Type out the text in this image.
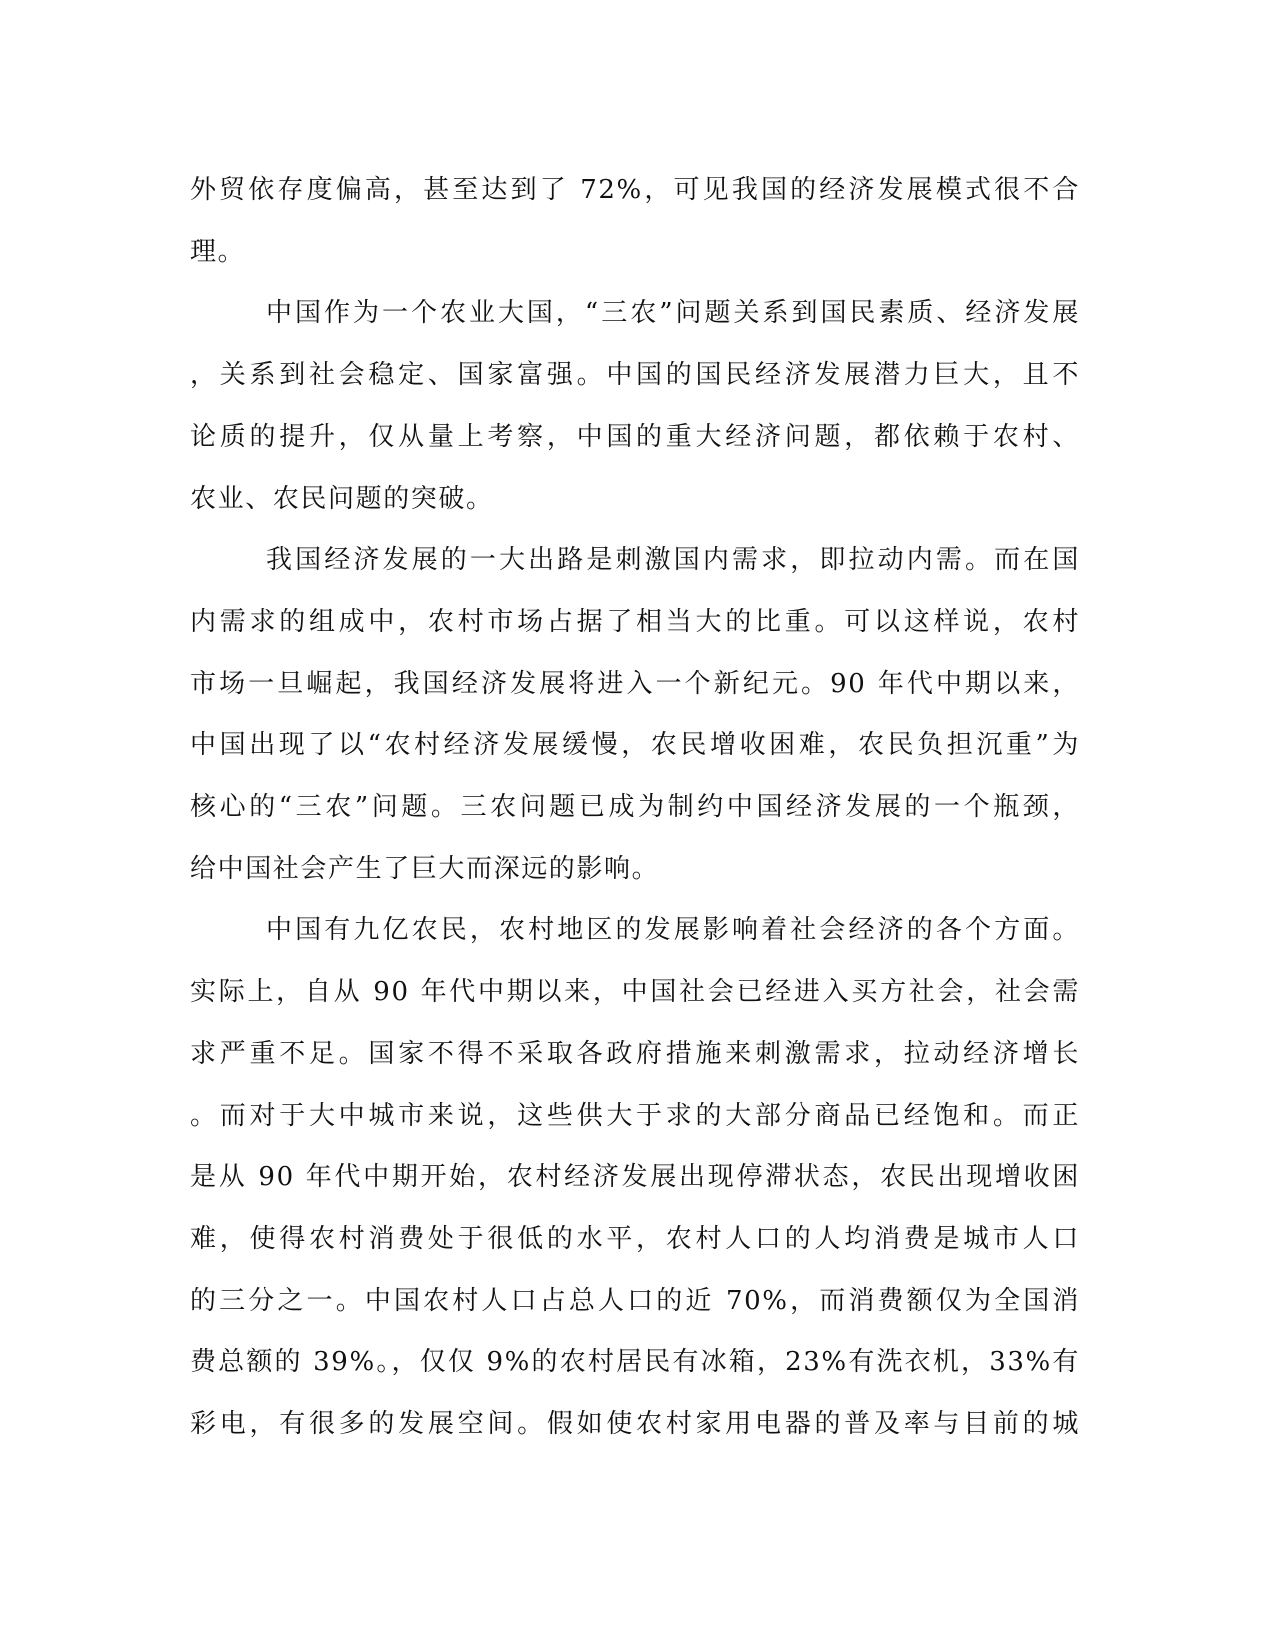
外贸依存度偏高，甚至达到了 72%，可见我国的经济发展模式很不合
理。
中国作为一个农业大国，“三农”问题关系到国民素质、经济发展
，关系到社会稳定、国家富强。中国的国民经济发展潜力巨大，且不
论质的提升，仅从量上考察，中国的重大经济问题，都依赖于农村、
农业、农民问题的突破。
我国经济发展的一大出路是刺激国内需求，即拉动内需。而在国
内需求的组成中，农村市场占据了相当大的比重。可以这样说，农村
市场一旦崛起，我国经济发展将进入一个新纪元。90 年代中期以来，
中国出现了以“农村经济发展缓慢，农民增收困难，农民负担沉重”为
核心的“三农”问题。三农问题已成为制约中国经济发展的一个瓶颈，
给中国社会产生了巨大而深远的影响。
中国有九亿农民，农村地区的发展影响着社会经济的各个方面。
实际上，自从 90 年代中期以来，中国社会已经进入买方社会，社会需
求严重不足。国家不得不采取各政府措施来刺激需求，拉动经济增长
。而对于大中城市来说，这些供大于求的大部分商品已经饱和。而正
是从 90 年代中期开始，农村经济发展出现停滞状态，农民出现增收困
难，使得农村消费处于很低的水平，农村人口的人均消费是城市人口
的三分之一。中国农村人口占总人口的近 70%，而消费额仅为全国消
费总额的 39%。，仅仅 9%的农村居民有冰箱，23%有洗衣机，33%有
彩电，有很多的发展空间。假如使农村家用电器的普及率与目前的城
